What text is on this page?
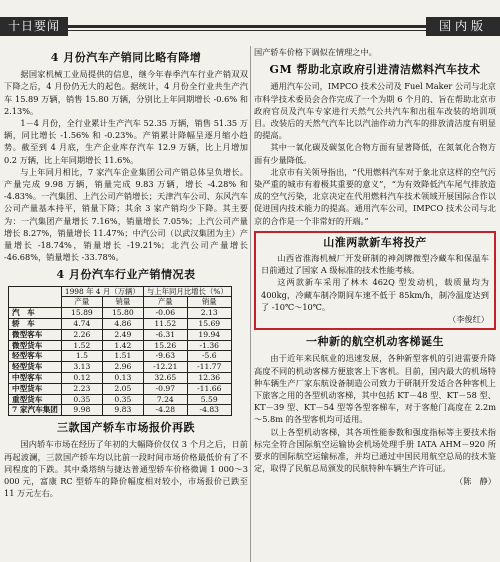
十日要闻	国内版
4 月份汽车产销同比略有降增

据国家机械工业局提供的信息，继今年春季汽车行业产销双双下降之后，4 月份仍无大的起色。据统计，4 月份全行业共生产汽车 15.89 万辆，销售 15.80 万辆，分别比上年同期增长 -0.6% 和 2.13%。

1－4 月份，全行业累计生产汽车 52.35 万辆，销售 51.35 万辆，同比增长 -1.56% 和 -0.23%。产销累计降幅呈逐月缩小趋势。截至到 4 月底，生产企业库存汽车 12.9 万辆，比上月增加 0.2 万辆，比上年同期增长 11.6%。

与上年同月相比，7 家汽车企业集团公司产销总体呈负增长。产量完成 9.98 万辆，销量完成 9.83 万辆，增长 -4.28% 和 -4.83%。一汽集团、上汽公司产销增长；天津汽车公司、东风汽车公司产量基本持平，销量下降；其余 3 家产销均少下降。其主要为：一汽集团产量增长 7.16%，销量增长 7.05%；上汽公司产量增长 8.27%，销量增长 11.47%；中汽公司（以武汉集团为主）产量增长 -18.74%，销量增长 -19.21%；北汽公司产量增长 -46.68%，销量增长 -33.78%。

4 月份汽车行业产销情况表
	1998 年 4 月（万辆）		与上年同月比增长（%）	
	产量	销量	产量	销量
汽　车	15.89	15.80	-0.06	2.13
轿　车	4.74	4.86	11.52	15.69
微型客车	2.26	2.49	-6.31	19.94
微型货车	1.52	1.42	15.26	-1.36
轻型客车	1.5	1.51	-9.63	-5.6
轻型货车	3.13	2.96	-12.21	-11.77
中型客车	0.12	0.13	32.65	12.36
中型货车	2.23	2.05	-0.97	-11.66
重型货车	0.35	0.35	7.24	5.59
7 家汽车集团	9.98	9.83	-4.28	-4.83
三款国产轿车市场报价再跌

国内轿车市场在经历了年初的大幅降价仅仅 3 个月之后，日前再起波澜，三款国产轿车均以比前一段时间市场价格最低价有了不同程度的下跌。其中桑塔纳与捷达普通型轿车价格微调 1 000～3 000 元，富康 RC 型轿车的降价幅度相对较小，市场报价已跌至 11 万元左右。

国产轿车价格下调似在情理之中。

GM 帮助北京政府引进清洁燃料汽车技术

通用汽车公司，IMPCO 技术公司及 Fuel Maker 公司与北京市科学技术委员会合作完成了一个为期 6 个月的、旨在帮助北京市政府官员及汽车专家进行天然气公共汽车和出租车改装的培训项目。改装后的天然气汽车比以汽油作动力汽车的排放清洁度有明显的提高。

其中一氧化碳及碳氢化合物方面有显著降低，在氮氧化合物方面有少量降低。

北京市有关领导指出，“代用燃料汽车对于象北京这样的空气污染严重的城市有着极其重要的意义”，“为有效降低汽车尾气排放造成的空气污染，北京决定在代用燃料汽车技术领域开展国际合作以促进国内技术能力的提高。通用汽车公司，IMPCO 技术公司与北京的合作是一个非常好的开端。”

山淮两款新车将投产

山西省淮海机械厂开发研制的神剑牌微型冷藏车和保温车日前通过了国家 A 级标准的技术性能考核。

这两款新车采用了林木 462Q 型发动机，载质量均为 400kg，冷藏车制冷期间车速不低于 85km/h，制冷温度达到了 -10℃～10℃。

（李俊红）
一种新的航空机动客梯诞生

由于近年来民航业的迅速发展，各种新型客机的引进需要升降高度不同的机动客梯方便旅客上下客机。目前，国内最大的机场特种车辆生产厂家东航设备制造公司致力于研制开发适合各种客机上下旅客之用的各型机动客梯，其中包括 KT－48 型、KT－58 型、KT－39 型、KT－54 型等各型客梯车，对于客舱门高度在 2.2m～5.8m 的各型客机均可适用。

以上各型机动客梯，其各项性能参数和强度指标等主要技术指标完全符合国际航空运输协会机场处理手册 IATA AHM－920 所要求的国际航空运输标准，并均已通过中国民用航空总局的技术鉴定，取得了民航总局颁发的民航特种车辆生产许可证。

（陈　静）
